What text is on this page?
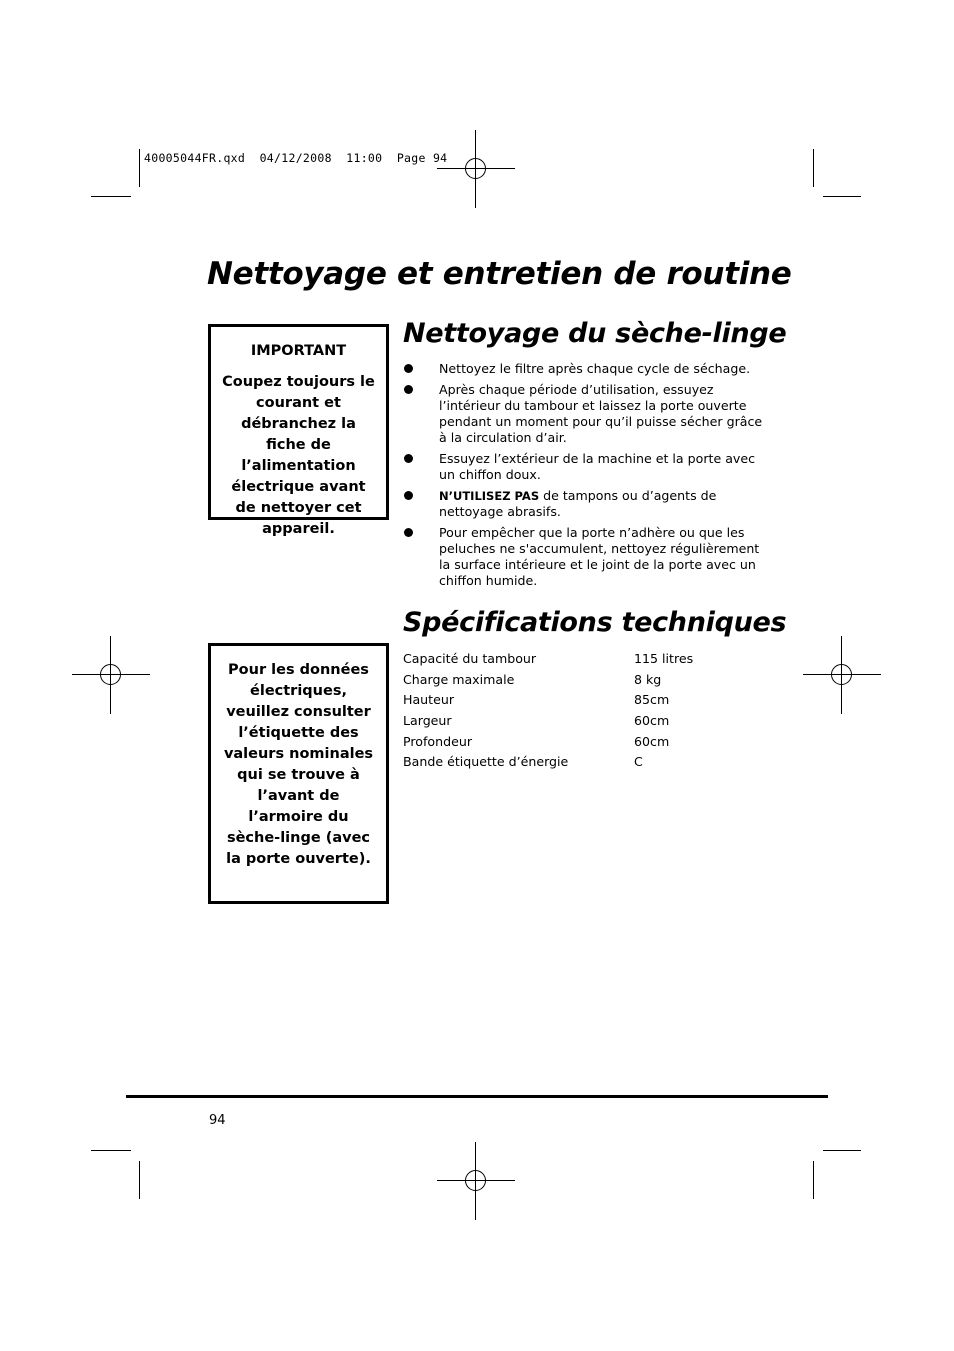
40005044FR.qxd  04/12/2008  11:00  Page 94
Nettoyage et entretien de routine

IMPORTANT

Coupez toujours le courant et débranchez la fiche de l’alimentation électrique avant de nettoyer cet appareil.

Nettoyage du sèche-linge
Nettoyez le filtre après chaque cycle de séchage.
Après chaque période d’utilisation, essuyez l’intérieur du tambour et laissez la porte ouverte pendant un moment pour qu’il puisse sécher grâce à la circulation d’air.
Essuyez l’extérieur de la machine et la porte avec un chiffon doux.
N’UTILISEZ PAS de tampons ou d’agents de nettoyage abrasifs.
Pour empêcher que la porte n’adhère ou que les peluches ne s'accumulent, nettoyez régulièrement la surface intérieure et le joint de la porte avec un chiffon humide.
Spécifications techniques

Pour les données électriques, veuillez consulter l’étiquette des valeurs nominales qui se trouve à l’avant de l’armoire du sèche-linge (avec la porte ouverte).

Capacité du tambour	115 litres
Charge maximale	8 kg
Hauteur	85cm
Largeur	60cm
Profondeur	60cm
Bande étiquette d’énergie	C
94
